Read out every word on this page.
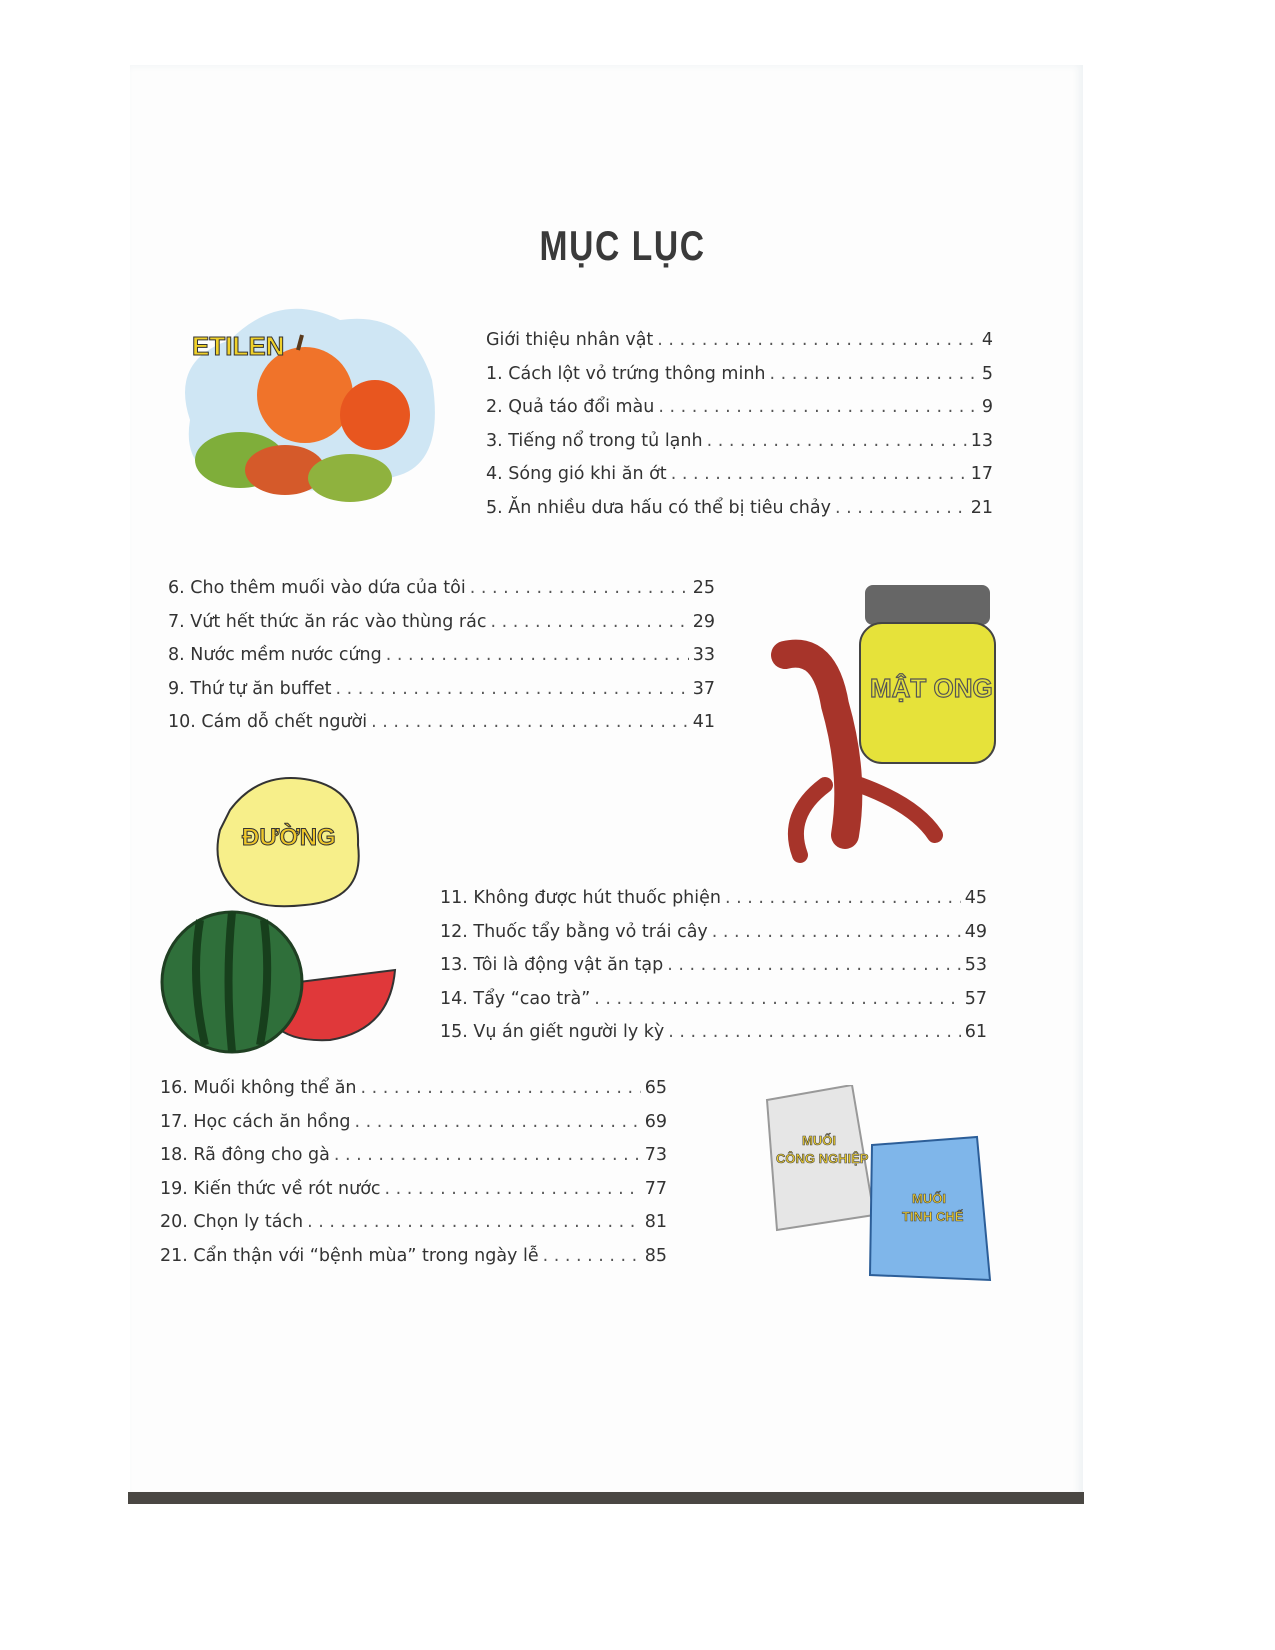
MỤC LỤC
ETILEN
MẬT ONG
ĐƯỜNG
MUỐI
CÔNG NGHIỆP
MUỐI
TINH CHẾ
Giới thiệu nhân vật . . .	4
1. Cách lột vỏ trứng thông minh . . .	5
2. Quả táo đổi màu . . .	9
3. Tiếng nổ trong tủ lạnh . . .	13
4. Sóng gió khi ăn ớt . . .	17
5. Ăn nhiều dưa hấu có thể bị tiêu chảy . . .	21
6. Cho thêm muối vào dứa của tôi . . .	25
7. Vứt hết thức ăn rác vào thùng rác . . .	29
8. Nước mềm nước cứng . . .	33
9. Thứ tự ăn buffet . . .	37
10. Cám dỗ chết người . . .	41
11. Không được hút thuốc phiện . . .	45
12. Thuốc tẩy bằng vỏ trái cây . . .	49
13. Tôi là động vật ăn tạp . . .	53
14. Tẩy “cao trà” . . .	57
15. Vụ án giết người ly kỳ . . .	61
16. Muối không thể ăn . . .	65
17. Học cách ăn hồng . . .	69
18. Rã đông cho gà . . .	73
19. Kiến thức về rót nước . . .	77
20. Chọn ly tách . . .	81
21. Cẩn thận với “bệnh mùa” trong ngày lễ . . .	85
